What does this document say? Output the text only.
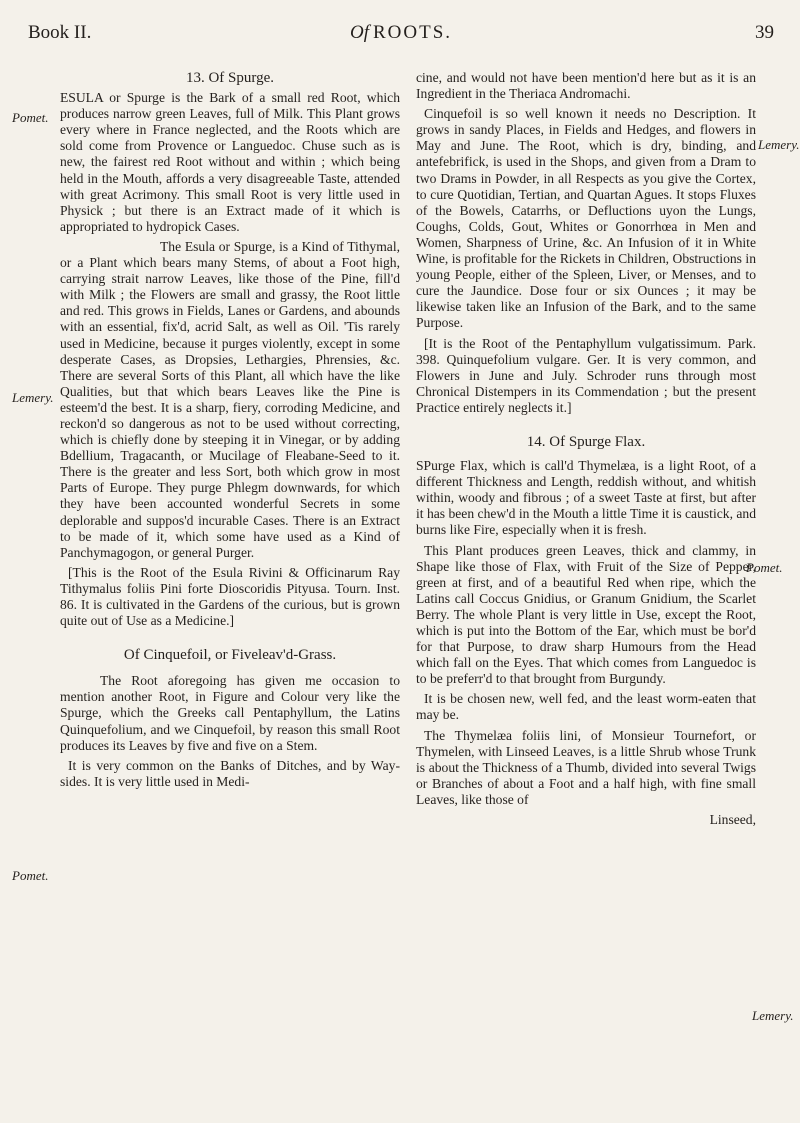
Book II.	Of ROOTS.	39
Pomet.
Lemery.
Pomet.
Lemery.
Pomet.
Lemery.
13. Of Spurge.

ESULA or Spurge is the Bark of a small red Root, which produces narrow green Leaves, full of Milk. This Plant grows every where in France neglected, and the Roots which are sold come from Provence or Languedoc. Chuse such as is new, the fairest red Root without and within ; which being held in the Mouth, affords a very disagreeable Taste, attended with great Acrimony. This small Root is very little used in Physick ; but there is an Extract made of it which is appropriated to hydropick Cases.

The Esula or Spurge, is a Kind of Tithymal, or a Plant which bears many Stems, of about a Foot high, carrying strait narrow Leaves, like those of the Pine, fill'd with Milk ; the Flowers are small and grassy, the Root little and red. This grows in Fields, Lanes or Gardens, and abounds with an essential, fix'd, acrid Salt, as well as Oil. 'Tis rarely used in Medicine, because it purges violently, except in some desperate Cases, as Dropsies, Lethargies, Phrensies, &c. There are several Sorts of this Plant, all which have the like Qualities, but that which bears Leaves like the Pine is esteem'd the best. It is a sharp, fiery, corroding Medicine, and reckon'd so dangerous as not to be used without correcting, which is chiefly done by steeping it in Vinegar, or by adding Bdellium, Tragacanth, or Mucilage of Fleabane-Seed to it. There is the greater and less Sort, both which grow in most Parts of Europe. They purge Phlegm downwards, for which they have been accounted wonderful Secrets in some deplorable and suppos'd incurable Cases. There is an Extract to be made of it, which some have used as a Kind of Panchymagogon, or general Purger.

[This is the Root of the Esula Rivini & Officinarum Ray Tithymalus foliis Pini forte Dioscoridis Pityusa. Tourn. Inst. 86. It is cultivated in the Gardens of the curious, but is grown quite out of Use as a Medicine.]

Of Cinquefoil, or Fiveleav'd-Grass.

The Root aforegoing has given me occasion to mention another Root, in Figure and Colour very like the Spurge, which the Greeks call Pentaphyllum, the Latins Quinquefolium, and we Cinquefoil, by reason this small Root produces its Leaves by five and five on a Stem.

It is very common on the Banks of Ditches, and by Way-sides. It is very little used in Medi-

cine, and would not have been mention'd here but as it is an Ingredient in the Theriaca Andromachi.

Cinquefoil is so well known it needs no Description. It grows in sandy Places, in Fields and Hedges, and flowers in May and June. The Root, which is dry, binding, and antefebrifick, is used in the Shops, and given from a Dram to two Drams in Powder, in all Respects as you give the Cortex, to cure Quotidian, Tertian, and Quartan Agues. It stops Fluxes of the Bowels, Catarrhs, or Defluctions uyon the Lungs, Coughs, Colds, Gout, Whites or Gonorrhœa in Men and Women, Sharpness of Urine, &c. An Infusion of it in White Wine, is profitable for the Rickets in Children, Obstructions in young People, either of the Spleen, Liver, or Menses, and to cure the Jaundice. Dose four or six Ounces ; it may be likewise taken like an Infusion of the Bark, and to the same Purpose.

[It is the Root of the Pentaphyllum vulgatissimum. Park. 398. Quinquefolium vulgare. Ger. It is very common, and Flowers in June and July. Schroder runs through most Chronical Distempers in its Commendation ; but the present Practice entirely neglects it.]

14. Of Spurge Flax.

SPurge Flax, which is call'd Thymelæa, is a light Root, of a different Thickness and Length, reddish without, and whitish within, woody and fibrous ; of a sweet Taste at first, but after it has been chew'd in the Mouth a little Time it is caustick, and burns like Fire, especially when it is fresh.

This Plant produces green Leaves, thick and clammy, in Shape like those of Flax, with Fruit of the Size of Pepper, green at first, and of a beautiful Red when ripe, which the Latins call Coccus Gnidius, or Granum Gnidium, the Scarlet Berry. The whole Plant is very little in Use, except the Root, which is put into the Bottom of the Ear, which must be bor'd for that Purpose, to draw sharp Humours from the Head which fall on the Eyes. That which comes from Languedoc is to be preferr'd to that brought from Burgundy.

It is be chosen new, well fed, and the least worm-eaten that may be.

The Thymelæa foliis lini, of Monsieur Tournefort, or Thymelen, with Linseed Leaves, is a little Shrub whose Trunk is about the Thickness of a Thumb, divided into several Twigs or Branches of about a Foot and a half high, with fine small Leaves, like those of

Linseed,
